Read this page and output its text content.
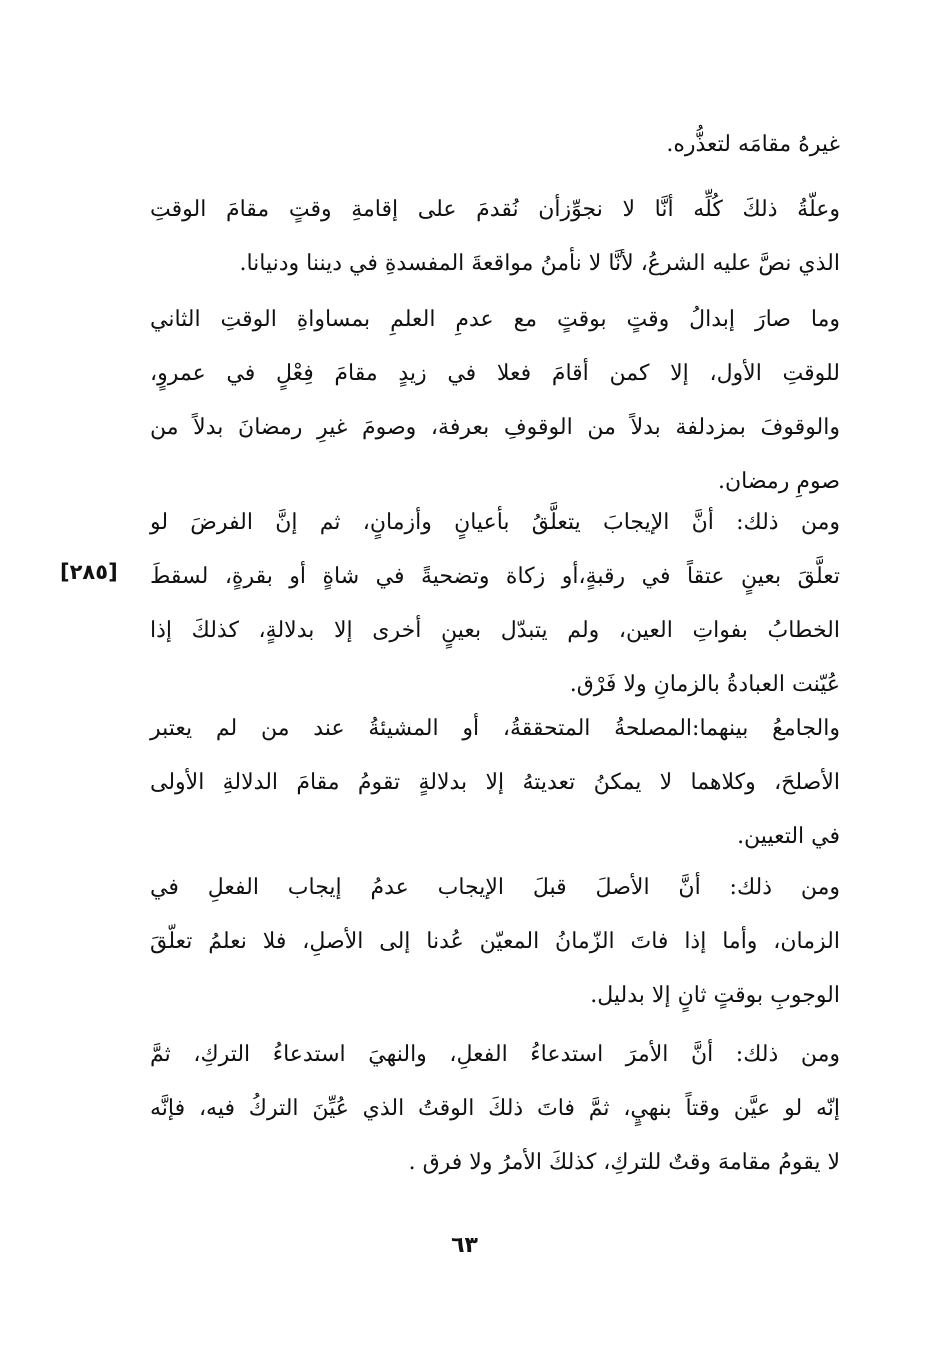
غيرهُ مقامَه لتعذُّره.
وعلّةُ ذلكَ كُلِّه أنَّا لا نجوِّزأن نُقدمَ على إقامةِ وقتٍ مقامَ الوقتِ
الذي نصَّ عليه الشرعُ، لأنَّا لا نأمنُ مواقعةَ المفسدةِ في ديننا ودنيانا.
وما صارَ إبدالُ وقتٍ بوقتٍ مع عدمِ العلمِ بمساواةِ الوقتِ الثاني
للوقتِ الأول، إلا كمن أقامَ فعلا في زيدٍ مقامَ فِعْلٍ في عمروٍ،
والوقوفَ بمزدلفة بدلاً من الوقوفِ بعرفة، وصومَ غيرِ رمضانَ بدلاً من
صومِ رمضان.
ومن ذلك: أنَّ الإيجابَ يتعلَّقُ بأعيانٍ وأزمانٍ، ثم إنَّ الفرضَ لو
تعلَّقَ بعينٍ عتقاً في رقبةٍ،أو زكاة وتضحيةً في شاةٍ أو بقرةٍ، لسقطَ
الخطابُ بفواتِ العين، ولم يتبدّل بعينٍ أخرى إلا بدلالةٍ، كذلكَ إذا
عُيّنت العبادةُ بالزمانِ ولا فَرْق.
[٢٨٥]
والجامعُ بينهما:المصلحةُ المتحققةُ، أو المشيئةُ عند من لم يعتبر
الأصلحَ، وكلاهما لا يمكنُ تعديتهُ إلا بدلالةٍ تقومُ مقامَ الدلالةِ الأولى
في التعيين.
ومن ذلك: أنَّ الأصلَ قبلَ الإيجاب عدمُ إيجاب الفعلِ في
الزمان، وأما إذا فاتَ الزّمانُ المعيّن عُدنا إلى الأصلِ، فلا نعلمُ تعلّقَ
الوجوبِ بوقتٍ ثانٍ إلا بدليل.
ومن ذلك: أنَّ الأمرَ استدعاءُ الفعلِ، والنهيَ استدعاءُ التركِ، ثمَّ
إنّه لو عيَّن وقتاً بنهيٍ، ثمَّ فاتَ ذلكَ الوقتُ الذي عُيِّنَ التركُ فيه، فإنَّه
لا يقومُ مقامهَ وقتٌ للتركِ، كذلكَ الأمرُ ولا فرق .
٦٣
